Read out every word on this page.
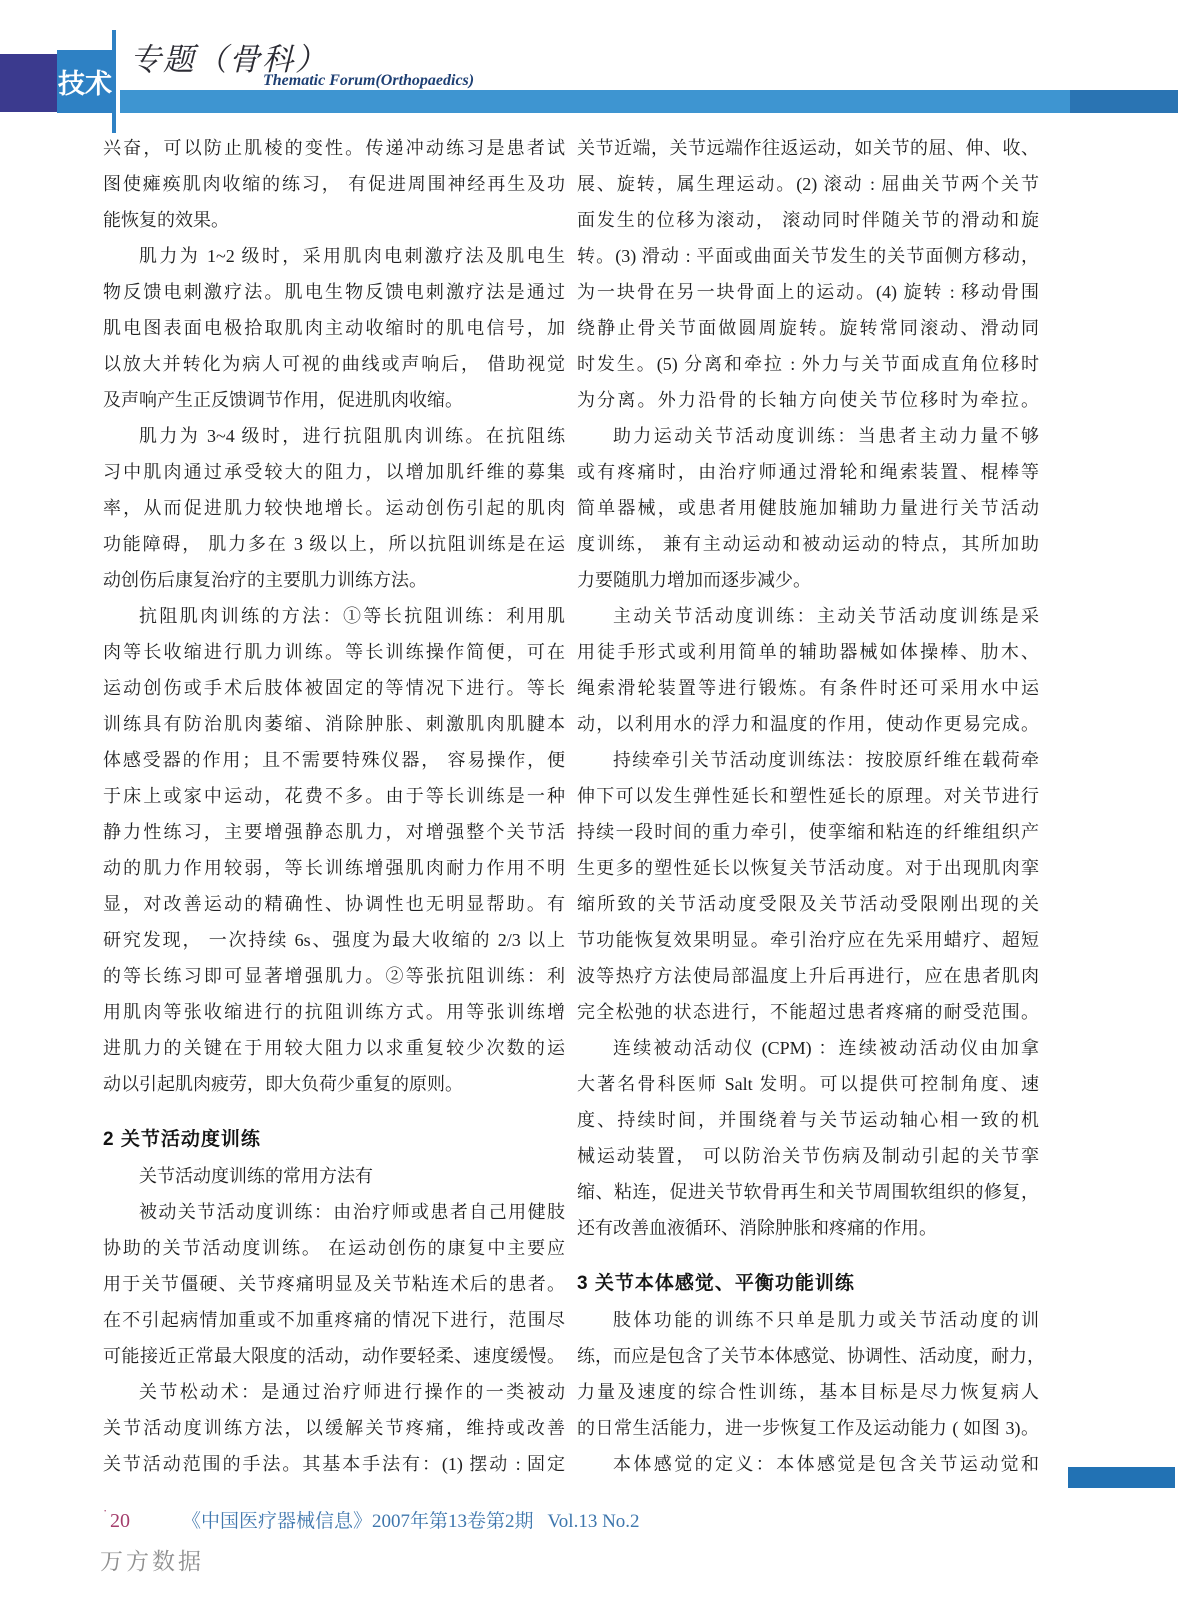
技术
专题（骨科）
Thematic Forum(Orthopaedics)
兴奋，可以防止肌棱的变性。传递冲动练习是患者试
图使瘫痪肌肉收缩的练习， 有促进周围神经再生及功
能恢复的效果。
肌力为 1~2 级时，采用肌肉电刺激疗法及肌电生
物反馈电刺激疗法。肌电生物反馈电刺激疗法是通过
肌电图表面电极拾取肌肉主动收缩时的肌电信号，加
以放大并转化为病人可视的曲线或声响后， 借助视觉
及声响产生正反馈调节作用，促进肌肉收缩。
肌力为 3~4 级时，进行抗阻肌肉训练。在抗阻练
习中肌肉通过承受较大的阻力，以增加肌纤维的募集
率，从而促进肌力较快地增长。运动创伤引起的肌肉
功能障碍， 肌力多在 3 级以上，所以抗阻训练是在运
动创伤后康复治疗的主要肌力训练方法。
抗阻肌肉训练的方法：①等长抗阻训练：利用肌
肉等长收缩进行肌力训练。等长训练操作简便，可在
运动创伤或手术后肢体被固定的等情况下进行。等长
训练具有防治肌肉萎缩、消除肿胀、刺激肌肉肌腱本
体感受器的作用；且不需要特殊仪器， 容易操作，便
于床上或家中运动，花费不多。由于等长训练是一种
静力性练习，主要增强静态肌力，对增强整个关节活
动的肌力作用较弱，等长训练增强肌肉耐力作用不明
显，对改善运动的精确性、协调性也无明显帮助。有
研究发现， 一次持续 6s、强度为最大收缩的 2/3 以上
的等长练习即可显著增强肌力。②等张抗阻训练：利
用肌肉等张收缩进行的抗阻训练方式。用等张训练增
进肌力的关键在于用较大阻力以求重复较少次数的运
动以引起肌肉疲劳，即大负荷少重复的原则。
2 关节活动度训练
关节活动度训练的常用方法有
被动关节活动度训练：由治疗师或患者自己用健肢
协助的关节活动度训练。 在运动创伤的康复中主要应
用于关节僵硬、关节疼痛明显及关节粘连术后的患者。
在不引起病情加重或不加重疼痛的情况下进行，范围尽
可能接近正常最大限度的活动，动作要轻柔、速度缓慢。
关节松动术：是通过治疗师进行操作的一类被动
关节活动度训练方法，以缓解关节疼痛，维持或改善
关节活动范围的手法。其基本手法有：(1) 摆动 : 固定
关节近端，关节远端作往返运动，如关节的屈、伸、收、
展、旋转，属生理运动。(2) 滚动 : 屈曲关节两个关节
面发生的位移为滚动， 滚动同时伴随关节的滑动和旋
转。(3) 滑动 : 平面或曲面关节发生的关节面侧方移动，
为一块骨在另一块骨面上的运动。(4) 旋转 : 移动骨围
绕静止骨关节面做圆周旋转。旋转常同滚动、滑动同
时发生。(5) 分离和牵拉 : 外力与关节面成直角位移时
为分离。外力沿骨的长轴方向使关节位移时为牵拉。
助力运动关节活动度训练：当患者主动力量不够
或有疼痛时，由治疗师通过滑轮和绳索装置、棍棒等
简单器械，或患者用健肢施加辅助力量进行关节活动
度训练， 兼有主动运动和被动运动的特点，其所加助
力要随肌力增加而逐步减少。
主动关节活动度训练：主动关节活动度训练是采
用徒手形式或利用简单的辅助器械如体操棒、肋木、
绳索滑轮装置等进行锻炼。有条件时还可采用水中运
动，以利用水的浮力和温度的作用，使动作更易完成。
持续牵引关节活动度训练法：按胶原纤维在载荷牵
伸下可以发生弹性延长和塑性延长的原理。对关节进行
持续一段时间的重力牵引，使挛缩和粘连的纤维组织产
生更多的塑性延长以恢复关节活动度。对于出现肌肉挛
缩所致的关节活动度受限及关节活动受限刚出现的关
节功能恢复效果明显。牵引治疗应在先采用蜡疗、超短
波等热疗方法使局部温度上升后再进行，应在患者肌肉
完全松弛的状态进行，不能超过患者疼痛的耐受范围。
连续被动活动仪 (CPM) ：连续被动活动仪由加拿
大著名骨科医师 Salt 发明。可以提供可控制角度、速
度、持续时间，并围绕着与关节运动轴心相一致的机
械运动装置， 可以防治关节伤病及制动引起的关节挛
缩、粘连，促进关节软骨再生和关节周围软组织的修复，
还有改善血液循环、消除肿胀和疼痛的作用。
3 关节本体感觉、平衡功能训练
肢体功能的训练不只单是肌力或关节活动度的训
练，而应是包含了关节本体感觉、协调性、活动度，耐力，
力量及速度的综合性训练，基本目标是尽力恢复病人
的日常生活能力，进一步恢复工作及运动能力 ( 如图 3)。
本体感觉的定义：本体感觉是包含关节运动觉和
· 20	《中国医疗器械信息》2007年第13卷第2期 Vol.13 No.2
万方数据
